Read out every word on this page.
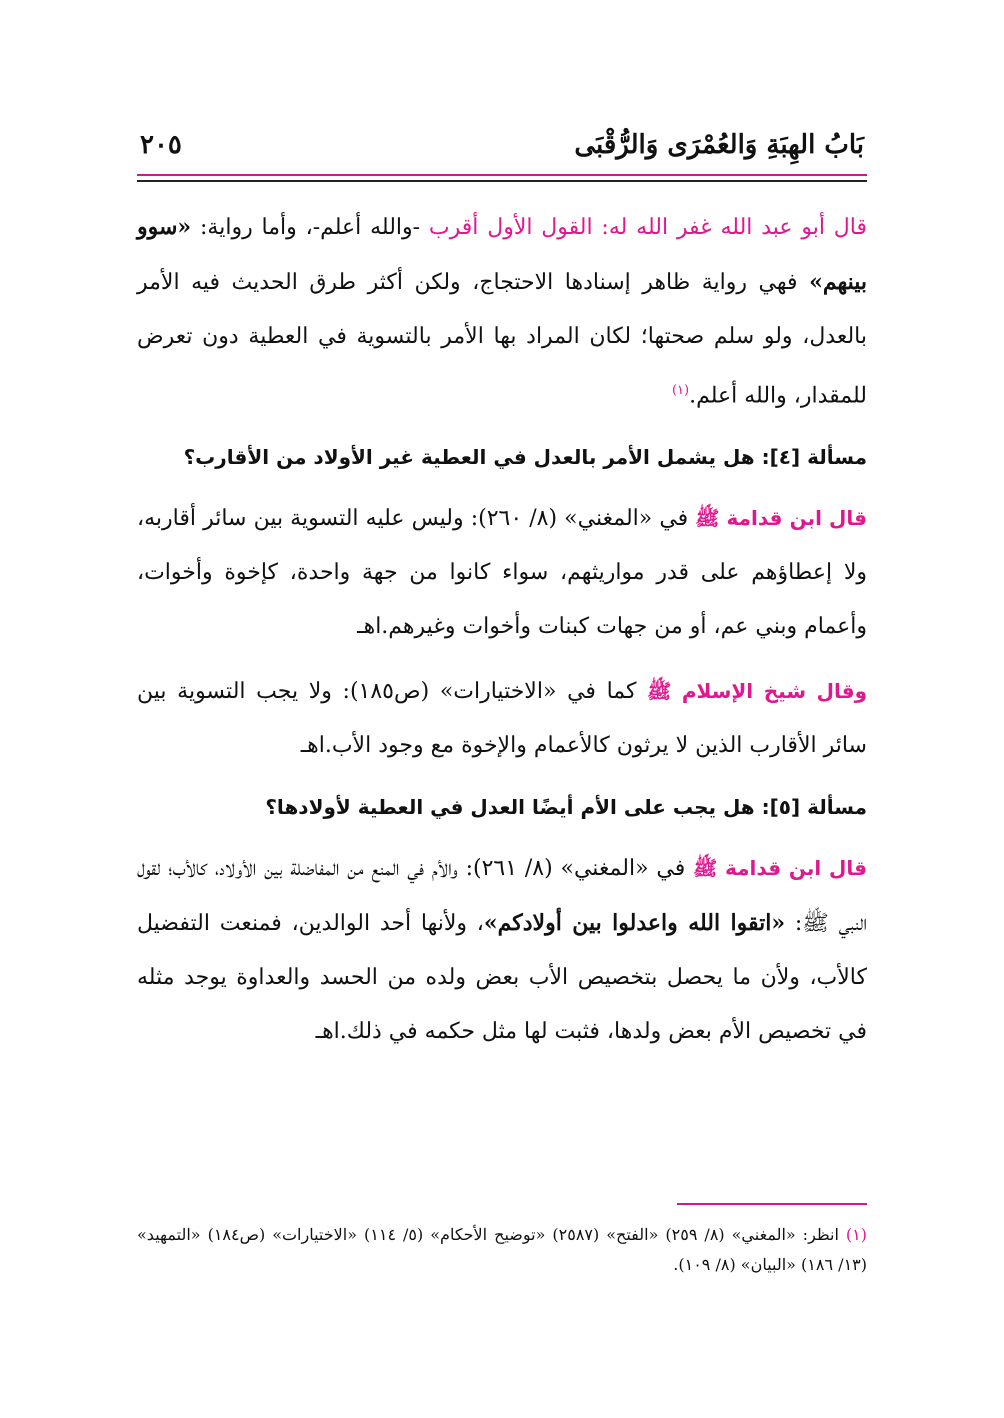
بَابُ الهِبَةِ وَالعُمْرَى وَالرُّقْبَى
٢٠٥

قال أبو عبد الله غفر الله له: القول الأول أقرب -والله أعلم-، وأما رواية: «سوو بينهم» فهي رواية ظاهر إسنادها الاحتجاج، ولكن أكثر طرق الحديث فيه الأمر بالعدل، ولو سلم صحتها؛ لكان المراد بها الأمر بالتسوية في العطية دون تعرض للمقدار، والله أعلم.$^{(١)}$

مسألة [٤]: هل يشمل الأمر بالعدل في العطية غير الأولاد من الأقارب؟

قال ابن قدامة ﷺ في «المغني» (٨/ ٢٦٠): وليس عليه التسوية بين سائر أقاربه، ولا إعطاؤهم على قدر مواريثهم، سواء كانوا من جهة واحدة، كإخوة وأخوات، وأعمام وبني عم، أو من جهات كبنات وأخوات وغيرهم.اهـ

وقال شيخ الإسلام ﷺ كما في «الاختيارات» (ص١٨٥): ولا يجب التسوية بين سائر الأقارب الذين لا يرثون كالأعمام والإخوة مع وجود الأب.اهـ

مسألة [٥]: هل يجب على الأم أيضًا العدل في العطية لأولادها؟

قال ابن قدامة ﷺ في «المغني» (٨/ ٢٦١): والأم في المنع من المفاضلة بين الأولاد، كالأب؛ لقول النبي ﷺ: «اتقوا الله واعدلوا بين أولادكم»، ولأنها أحد الوالدين، فمنعت التفضيل كالأب، ولأن ما يحصل بتخصيص الأب بعض ولده من الحسد والعداوة يوجد مثله في تخصيص الأم بعض ولدها، فثبت لها مثل حكمه في ذلك.اهـ

(١) انظر: «المغني» (٨/ ٢٥٩) «الفتح» (٢٥٨٧) «توضيح الأحكام» (٥/ ١١٤) «الاختيارات» (ص١٨٤) «التمهيد» (١٣/ ١٨٦) «البيان» (٨/ ١٠٩).
